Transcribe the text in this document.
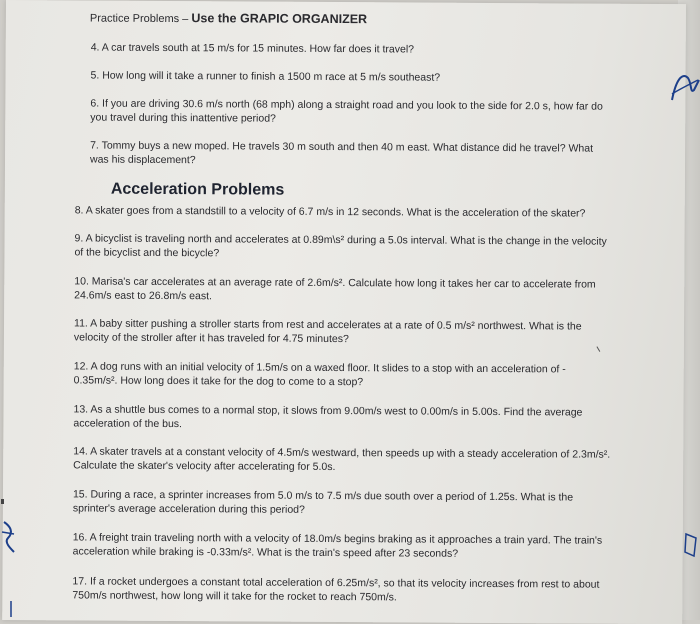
Practice Problems – Use the GRAPIC ORGANIZER
4. A car travels south at 15 m/s for 15 minutes. How far does it travel?
5. How long will it take a runner to finish a 1500 m race at 5 m/s southeast?
6. If you are driving 30.6 m/s north (68 mph) along a straight road and you look to the side for 2.0 s, how far do
you travel during this inattentive period?
7. Tommy buys a new moped. He travels 30 m south and then 40 m east. What distance did he travel? What
was his displacement?
Acceleration Problems
8. A skater goes from a standstill to a velocity of 6.7 m/s in 12 seconds. What is the acceleration of the skater?
9. A bicyclist is traveling north and accelerates at 0.89m\s² during a 5.0s interval. What is the change in the velocity
of the bicyclist and the bicycle?
10. Marisa's car accelerates at an average rate of 2.6m/s². Calculate how long it takes her car to accelerate from
24.6m/s east to 26.8m/s east.
11. A baby sitter pushing a stroller starts from rest and accelerates at a rate of 0.5 m/s² northwest. What is the
velocity of the stroller after it has traveled for 4.75 minutes?
12. A dog runs with an initial velocity of 1.5m/s on a waxed floor. It slides to a stop with an acceleration of -
0.35m/s². How long does it take for the dog to come to a stop?
13. As a shuttle bus comes to a normal stop, it slows from 9.00m/s west to 0.00m/s in 5.00s. Find the average
acceleration of the bus.
14. A skater travels at a constant velocity of 4.5m/s westward, then speeds up with a steady acceleration of 2.3m/s².
Calculate the skater's velocity after accelerating for 5.0s.
15. During a race, a sprinter increases from 5.0 m/s to 7.5 m/s due south over a period of 1.25s. What is the
sprinter's average acceleration during this period?
16. A freight train traveling north with a velocity of 18.0m/s begins braking as it approaches a train yard. The train's
acceleration while braking is -0.33m/s². What is the train's speed after 23 seconds?
17. If a rocket undergoes a constant total acceleration of 6.25m/s², so that its velocity increases from rest to about
750m/s northwest, how long will it take for the rocket to reach 750m/s.
